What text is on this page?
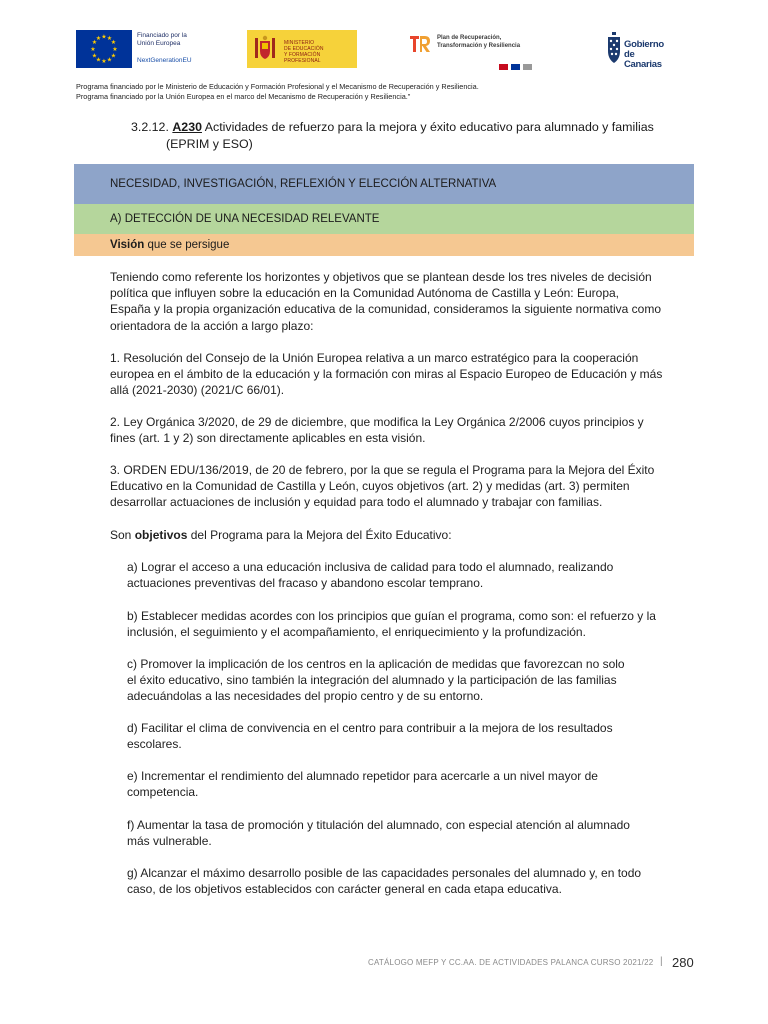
★ ★
★
★
★
★
★
★
★
★
★
★	Financiado por la
Unión Europea
NextGenerationEU
MINISTERIO
DE EDUCACIÓN
Y FORMACIÓN PROFESIONAL
Plan de Recuperación,
Transformación y Resiliencia	Gobierno
de Canarias
Programa financiado por le Ministerio de Educación y Formación Profesional y el Mecanismo de Recuperación y Resiliencia.
Programa financiado por la Unión Europea en el marco del Mecanismo de Recuperación y Resiliencia."
3.2.12. A230 Actividades de refuerzo para la mejora y éxito educativo para alumnado y familias
(EPRIM y ESO)
NECESIDAD, INVESTIGACIÓN, REFLEXIÓN Y ELECCIÓN ALTERNATIVA
A) DETECCIÓN DE UNA NECESIDAD RELEVANTE
Visión que se persigue
Teniendo como referente los horizontes y objetivos que se plantean desde los tres niveles de decisión
política que influyen sobre la educación en la Comunidad Autónoma de Castilla y León: Europa,
España y la propia organización educativa de la comunidad, consideramos la siguiente normativa como
orientadora de la acción a largo plazo:
1. Resolución del Consejo de la Unión Europea relativa a un marco estratégico para la cooperación
europea en el ámbito de la educación y la formación con miras al Espacio Europeo de Educación y más
allá (2021-2030) (2021/C 66/01).
2. Ley Orgánica 3/2020, de 29 de diciembre, que modifica la Ley Orgánica 2/2006 cuyos principios y
fines (art. 1 y 2) son directamente aplicables en esta visión.
3. ORDEN EDU/136/2019, de 20 de febrero, por la que se regula el Programa para la Mejora del Éxito
Educativo en la Comunidad de Castilla y León, cuyos objetivos (art. 2) y medidas (art. 3) permiten
desarrollar actuaciones de inclusión y equidad para todo el alumnado y trabajar con familias.
Son objetivos del Programa para la Mejora del Éxito Educativo:
a) Lograr el acceso a una educación inclusiva de calidad para todo el alumnado, realizando
actuaciones preventivas del fracaso y abandono escolar temprano.
b) Establecer medidas acordes con los principios que guían el programa, como son: el refuerzo y la
inclusión, el seguimiento y el acompañamiento, el enriquecimiento y la profundización.
c) Promover la implicación de los centros en la aplicación de medidas que favorezcan no solo
el éxito educativo, sino también la integración del alumnado y la participación de las familias
adecuándolas a las necesidades del propio centro y de su entorno.
d) Facilitar el clima de convivencia en el centro para contribuir a la mejora de los resultados
escolares.
e) Incrementar el rendimiento del alumnado repetidor para acercarle a un nivel mayor de
competencia.
f) Aumentar la tasa de promoción y titulación del alumnado, con especial atención al alumnado
más vulnerable.
g) Alcanzar el máximo desarrollo posible de las capacidades personales del alumnado y, en todo
caso, de los objetivos establecidos con carácter general en cada etapa educativa.
CATÁLOGO MEFP Y CC.AA. DE ACTIVIDADES PALANCA CURSO 2021/22 | 280
